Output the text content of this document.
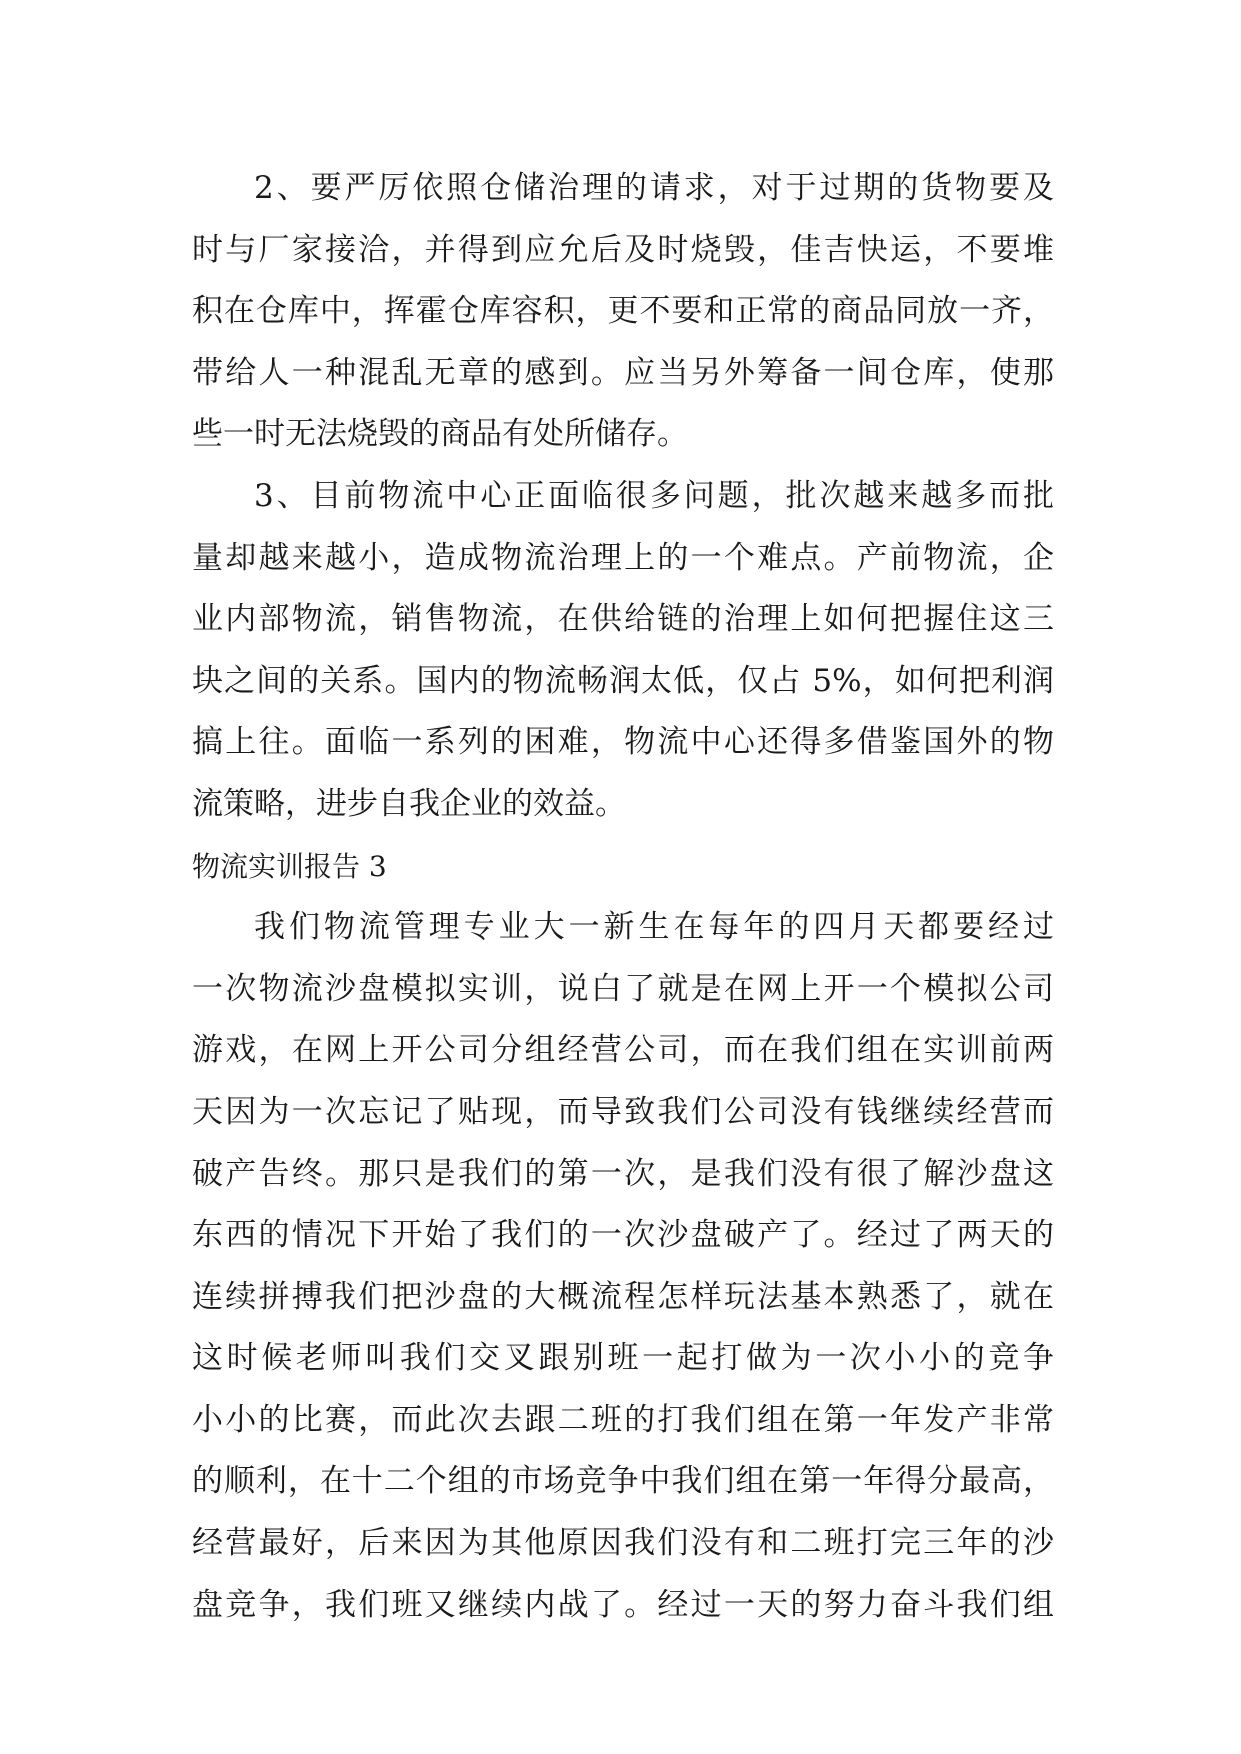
2、要严厉依照仓储治理的请求，对于过期的货物要及
时与厂家接洽，并得到应允后及时烧毁，佳吉快运，不要堆
积在仓库中，挥霍仓库容积，更不要和正常的商品同放一齐，
带给人一种混乱无章的感到。应当另外筹备一间仓库，使那
些一时无法烧毁的商品有处所储存。
3、目前物流中心正面临很多问题，批次越来越多而批
量却越来越小，造成物流治理上的一个难点。产前物流，企
业内部物流，销售物流，在供给链的治理上如何把握住这三
块之间的关系。国内的物流畅润太低，仅占 5%，如何把利润
搞上往。面临一系列的困难，物流中心还得多借鉴国外的物
流策略，进步自我企业的效益。
物流实训报告 3
我们物流管理专业大一新生在每年的四月天都要经过
一次物流沙盘模拟实训，说白了就是在网上开一个模拟公司
游戏，在网上开公司分组经营公司，而在我们组在实训前两
天因为一次忘记了贴现，而导致我们公司没有钱继续经营而
破产告终。那只是我们的第一次，是我们没有很了解沙盘这
东西的情况下开始了我们的一次沙盘破产了。经过了两天的
连续拼搏我们把沙盘的大概流程怎样玩法基本熟悉了，就在
这时候老师叫我们交叉跟别班一起打做为一次小小的竞争
小小的比赛，而此次去跟二班的打我们组在第一年发产非常
的顺利，在十二个组的市场竞争中我们组在第一年得分最高，
经营最好，后来因为其他原因我们没有和二班打完三年的沙
盘竞争，我们班又继续内战了。经过一天的努力奋斗我们组
